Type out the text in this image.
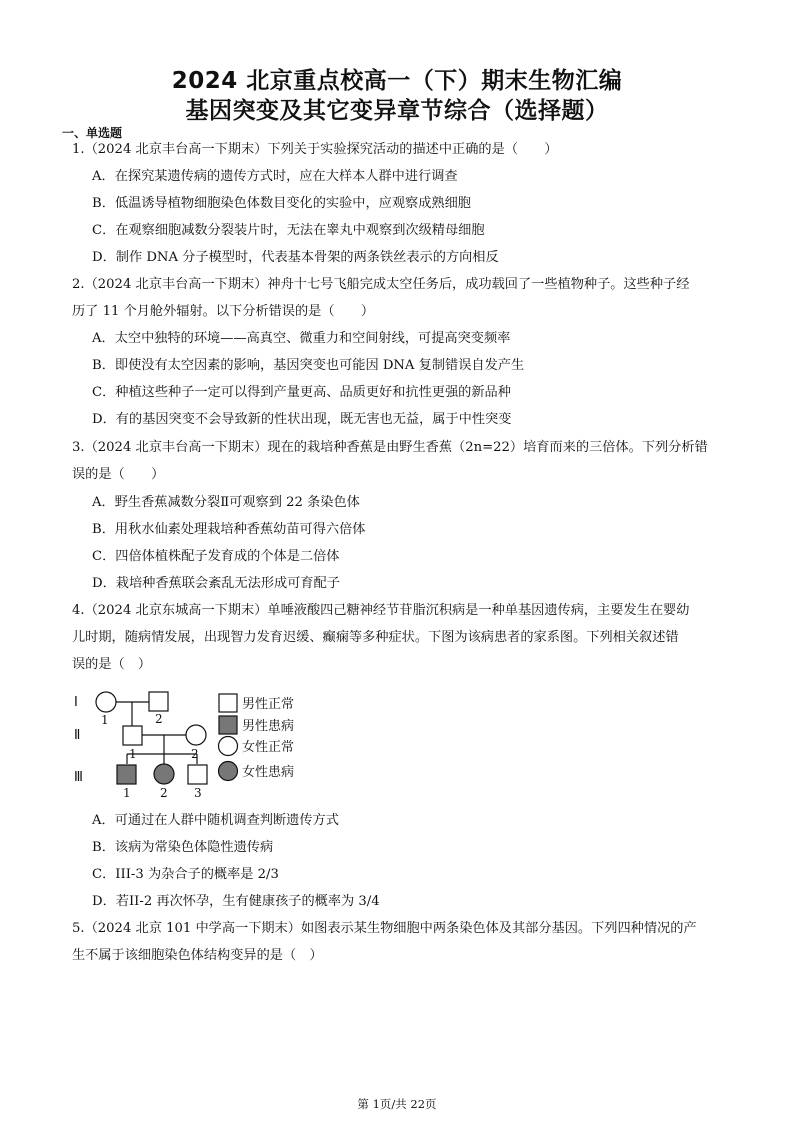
2024 北京重点校高一（下）期末生物汇编
基因突变及其它变异章节综合（选择题）
一、单选题
1.（2024 北京丰台高一下期末）下列关于实验探究活动的描述中正确的是（　　）
A．在探究某遗传病的遗传方式时，应在大样本人群中进行调查
B．低温诱导植物细胞染色体数目变化的实验中，应观察成熟细胞
C．在观察细胞减数分裂装片时，无法在睾丸中观察到次级精母细胞
D．制作 DNA 分子模型时，代表基本骨架的两条铁丝表示的方向相反
2.（2024 北京丰台高一下期末）神舟十七号飞船完成太空任务后，成功载回了一些植物种子。这些种子经
历了 11 个月舱外辐射。以下分析错误的是（　　）
A．太空中独特的环境——高真空、微重力和空间射线，可提高突变频率
B．即使没有太空因素的影响，基因突变也可能因 DNA 复制错误自发产生
C．种植这些种子一定可以得到产量更高、品质更好和抗性更强的新品种
D．有的基因突变不会导致新的性状出现，既无害也无益，属于中性突变
3.（2024 北京丰台高一下期末）现在的栽培种香蕉是由野生香蕉（2n=22）培育而来的三倍体。下列分析错
误的是（　　）
A．野生香蕉减数分裂Ⅱ可观察到 22 条染色体
B．用秋水仙素处理栽培种香蕉幼苗可得六倍体
C．四倍体植株配子发育成的个体是二倍体
D．栽培种香蕉联会紊乱无法形成可育配子
4.（2024 北京东城高一下期末）单唾液酸四己糖神经节苷脂沉积病是一种单基因遗传病，主要发生在婴幼
儿时期，随病情发展，出现智力发育迟缓、癫痫等多种症状。下图为该病患者的家系图。下列相关叙述错
误的是（　）
Ⅰ
Ⅱ
Ⅲ
1	2
1	2
1 2 3
男性正常
男性患病
女性正常
女性患病
A．可通过在人群中随机调查判断遗传方式
B．该病为常染色体隐性遗传病
C．III-3 为杂合子的概率是 2/3
D．若II-2 再次怀孕，生有健康孩子的概率为 3/4
5.（2024 北京 101 中学高一下期末）如图表示某生物细胞中两条染色体及其部分基因。下列四种情况的产
生不属于该细胞染色体结构变异的是（　）
第 1页/共 22页
